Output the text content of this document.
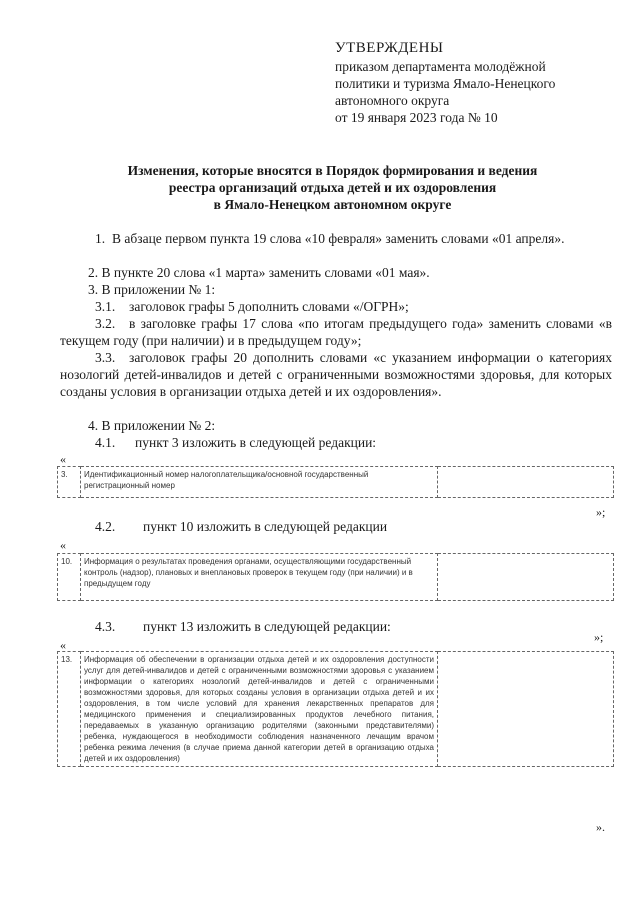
УТВЕРЖДЕНЫ
приказом департамента молодёжной
политики и туризма Ямало-Ненецкого
автономного округа
от 19 января 2023 года № 10
Изменения, которые вносятся в Порядок формирования и ведения
реестра организаций отдыха детей и их оздоровления
в Ямало-Ненецком автономном округе
1. В абзаце первом пункта 19 слова «10 февраля» заменить словами «01 апреля».
2. В пункте 20 слова «1 марта» заменить словами «01 мая».
3. В приложении № 1:
3.1. заголовок графы 5 дополнить словами «/ОГРН»;
3.2. в заголовке графы 17 слова «по итогам предыдущего года» заменить словами «в текущем году (при наличии) и в предыдущем году»;
3.3. заголовок графы 20 дополнить словами «с указанием информации о категориях нозологий детей-инвалидов и детей с ограниченными возможностями здоровья, для которых созданы условия в организации отдыха детей и их оздоровления».
4. В приложении № 2:
4.1. пункт 3 изложить в следующей редакции:
«
3.	Идентификационный номер налогоплательщика/основной государственный регистрационный номер	
»;
4.2. пункт 10 изложить в следующей редакции
«
10.	Информация о результатах проведения органами, осуществляющими государственный контроль (надзор), плановых и внеплановых проверок в текущем году (при наличии) и в предыдущем году	
»;
4.3. пункт 13 изложить в следующей редакции:
«
13.	Информация об обеспечении в организации отдыха детей и их оздоровления доступности услуг для детей-инвалидов и детей с ограниченными возможностями здоровья с указанием информации о категориях нозологий детей-инвалидов и детей с ограниченными возможностями здоровья, для которых созданы условия в организации отдыха детей и их оздоровления, в том числе условий для хранения лекарственных препаратов для медицинского применения и специализированных продуктов лечебного питания, передаваемых в указанную организацию родителями (законными представителями) ребенка, нуждающегося в необходимости соблюдения назначенного лечащим врачом ребенка режима лечения (в случае приема данной категории детей в организацию отдыха детей и их оздоровления)	
».
